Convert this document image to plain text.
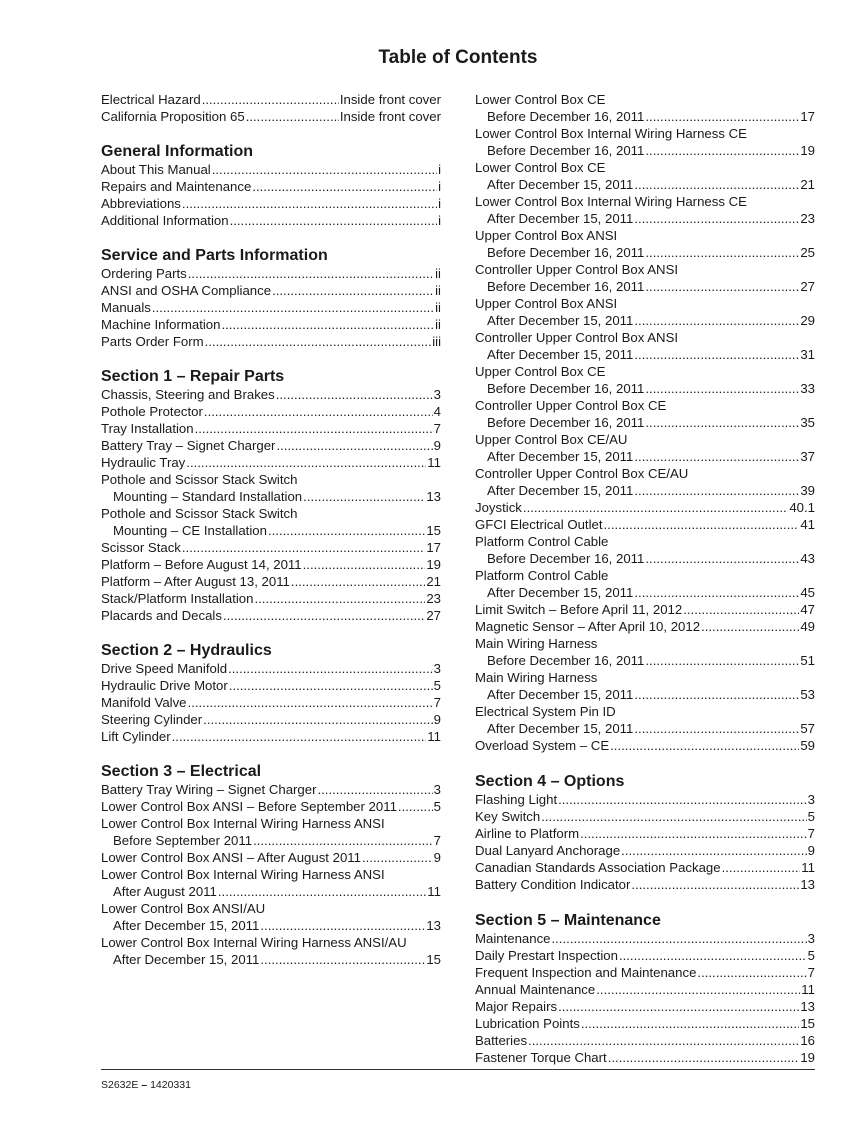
Table of Contents
Electrical Hazard .....	Inside front cover
California Proposition 65 .....	Inside front cover
General Information
About This Manual .....	i
Repairs and Maintenance .....	i
Abbreviations .....	i
Additional Information .....	i
Service and Parts Information
Ordering Parts .....	ii
ANSI and OSHA Compliance .....	ii
Manuals .....	ii
Machine Information .....	ii
Parts Order Form .....	iii
Section 1 – Repair Parts
Chassis, Steering and Brakes .....	3
Pothole Protector .....	4
Tray Installation .....	7
Battery Tray – Signet Charger .....	9
Hydraulic Tray .....	11
Pothole and Scissor Stack Switch
Mounting – Standard Installation .....	13
Pothole and Scissor Stack Switch
Mounting – CE Installation .....	15
Scissor Stack .....	17
Platform – Before August 14, 2011 .....	19
Platform – After August 13, 2011 .....	21
Stack/Platform Installation .....	23
Placards and Decals .....	27
Section 2 – Hydraulics
Drive Speed Manifold .....	3
Hydraulic Drive Motor .....	5
Manifold Valve .....	7
Steering Cylinder .....	9
Lift Cylinder .....	11
Section 3 – Electrical
Battery Tray Wiring – Signet Charger .....	3
Lower Control Box ANSI – Before September 2011 .....	5
Lower Control Box Internal Wiring Harness ANSI
Before September 2011 .....	7
Lower Control Box ANSI – After August 2011 .....	9
Lower Control Box Internal Wiring Harness ANSI
After August 2011 .....	11
Lower Control Box ANSI/AU
After December 15, 2011 .....	13
Lower Control Box Internal Wiring Harness ANSI/AU
After December 15, 2011 .....	15
Lower Control Box CE
Before December 16, 2011 .....	17
Lower Control Box Internal Wiring Harness CE
Before December 16, 2011 .....	19
Lower Control Box CE
After December 15, 2011 .....	21
Lower Control Box Internal Wiring Harness CE
After December 15, 2011 .....	23
Upper Control Box ANSI
Before December 16, 2011 .....	25
Controller Upper Control Box ANSI
Before December 16, 2011 .....	27
Upper Control Box ANSI
After December 15, 2011 .....	29
Controller Upper Control Box ANSI
After December 15, 2011 .....	31
Upper Control Box CE
Before December 16, 2011 .....	33
Controller Upper Control Box CE
Before December 16, 2011 .....	35
Upper Control Box CE/AU
After December 15, 2011 .....	37
Controller Upper Control Box CE/AU
After December 15, 2011 .....	39
Joystick .....	40.1
GFCI Electrical Outlet .....	41
Platform Control Cable
Before December 16, 2011 .....	43
Platform Control Cable
After December 15, 2011 .....	45
Limit Switch – Before April 11, 2012 .....	47
Magnetic Sensor – After April 10, 2012 .....	49
Main Wiring Harness
Before December 16, 2011 .....	51
Main Wiring Harness
After December 15, 2011 .....	53
Electrical System Pin ID
After December 15, 2011 .....	57
Overload System – CE .....	59
Section 4 – Options
Flashing Light .....	3
Key Switch .....	5
Airline to Platform .....	7
Dual Lanyard Anchorage .....	9
Canadian Standards Association Package .....	11
Battery Condition Indicator .....	13
Section 5 – Maintenance
Maintenance .....	3
Daily Prestart Inspection .....	5
Frequent Inspection and Maintenance .....	7
Annual Maintenance .....	11
Major Repairs .....	13
Lubrication Points .....	15
Batteries .....	16
Fastener Torque Chart .....	19
S2632E – 1420331
